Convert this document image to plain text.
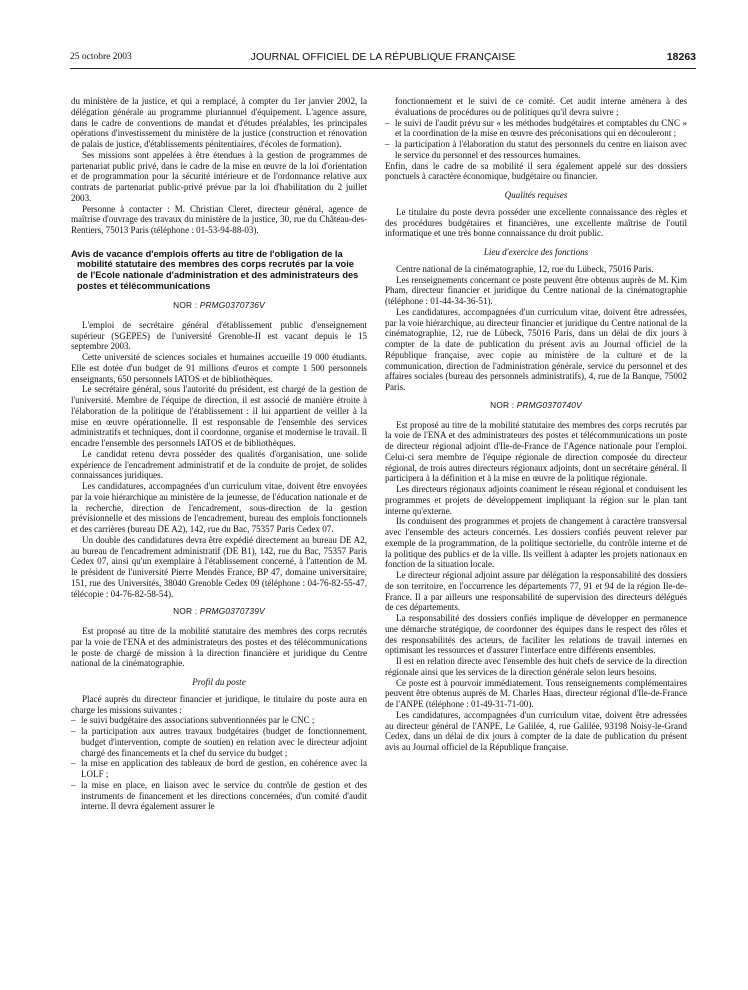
25 octobre 2003	JOURNAL OFFICIEL DE LA RÉPUBLIQUE FRANÇAISE	18263

du ministère de la justice, et qui a remplacé, à compter du 1er janvier 2002, la délégation générale au programme pluriannuel d'équipement. L'agence assure, dans le cadre de conventions de mandat et d'études préalables, les principales opérations d'investissement du ministère de la justice (construction et rénovation de palais de justice, d'établissements pénitentiaires, d'écoles de formation).

Ses missions sont appelées à être étendues à la gestion de programmes de partenariat public privé, dans le cadre de la mise en œuvre de la loi d'orientation et de programmation pour la sécurité intérieure et de l'ordonnance relative aux contrats de partenariat public-privé prévue par la loi d'habilitation du 2 juillet 2003.

Personne à contacter : M. Christian Cleret, directeur général, agence de maîtrise d'ouvrage des travaux du ministère de la justice, 30, rue du Château-des-Rentiers, 75013 Paris (téléphone : 01-53-94-88-03).

Avis de vacance d'emplois offerts au titre de l'obligation de la mobilité statutaire des membres des corps recrutés par la voie de l'Ecole nationale d'administration et des administrateurs des postes et télécommunications
NOR : PRMG0370736V

L'emploi de secrétaire général d'établissement public d'enseignement supérieur (SGEPES) de l'université Grenoble-II est vacant depuis le 15 septembre 2003.

Cette université de sciences sociales et humaines accueille 19 000 étudiants. Elle est dotée d'un budget de 91 millions d'euros et compte 1 500 personnels enseignants, 650 personnels IATOS et de bibliothèques.

Le secrétaire général, sous l'autorité du président, est chargé de la gestion de l'université. Membre de l'équipe de direction, il est associé de manière étroite à l'élaboration de la politique de l'établissement : il lui appartient de veiller à la mise en œuvre opérationnelle. Il est responsable de l'ensemble des services administratifs et techniques, dont il coordonne, organise et modernise le travail. Il encadre l'ensemble des personnels IATOS et de bibliothèques.

Le candidat retenu devra posséder des qualités d'organisation, une solide expérience de l'encadrement administratif et de la conduite de projet, de solides connaissances juridiques.

Les candidatures, accompagnées d'un curriculum vitae, doivent être envoyées par la voie hiérarchique au ministère de la jeunesse, de l'éducation nationale et de la recherche, direction de l'encadrement, sous-direction de la gestion prévisionnelle et des missions de l'encadrement, bureau des emplois fonctionnels et des carrières (bureau DE A2), 142, rue du Bac, 75357 Paris Cedex 07.

Un double des candidatures devra être expédié directement au bureau DE A2, au bureau de l'encadrement administratif (DE B1), 142, rue du Bac, 75357 Paris Cedex 07, ainsi qu'un exemplaire à l'établissement concerné, à l'attention de M. le président de l'université Pierre Mendès France, BP 47, domaine universitaire, 151, rue des Universités, 38040 Grenoble Cedex 09 (téléphone : 04-76-82-55-47, télécopie : 04-76-82-58-54).

NOR : PRMG0370739V

Est proposé au titre de la mobilité statutaire des membres des corps recrutés par la voie de l'ENA et des administrateurs des postes et des télécommunications le poste de chargé de mission à la direction financière et juridique du Centre national de la cinématographie.

Profil du poste

Placé auprès du directeur financier et juridique, le titulaire du poste aura en charge les missions suivantes :

– le suivi budgétaire des associations subventionnées par le CNC ;
– la participation aux autres travaux budgétaires (budget de fonctionnement, budget d'intervention, compte de soutien) en relation avec le directeur adjoint chargé des financements et la chef du service du budget ;
– la mise en application des tableaux de bord de gestion, en cohérence avec la LOLF ;
– la mise en place, en liaison avec le service du contrôle de gestion et des instruments de financement et les directions concernées, d'un comité d'audit interne. Il devra également assurer le

fonctionnement et le suivi de ce comité. Cet audit interne amènera à des évaluations de procédures ou de politiques qu'il devra suivre ;

– le suivi de l'audit prévu sur « les méthodes budgétaires et comptables du CNC » et la coordination de la mise en œuvre des préconisations qui en découleront ;
– la participation à l'élaboration du statut des personnels du centre en liaison avec le service du personnel et des ressources humaines.

Enfin, dans le cadre de sa mobilité il sera également appelé sur des dossiers ponctuels à caractère économique, budgétaire ou financier.

Qualités requises

Le titulaire du poste devra posséder une excellente connaissance des règles et des procédures budgétaires et financières, une excellente maîtrise de l'outil informatique et une très bonne connaissance du droit public.

Lieu d'exercice des fonctions

Centre national de la cinématographie, 12, rue du Lübeck, 75016 Paris.

Les renseignements concernant ce poste peuvent être obtenus auprès de M. Kim Pham, directeur financier et juridique du Centre national de la cinématographie (téléphone : 01-44-34-36-51).

Les candidatures, accompagnées d'un curriculum vitae, doivent être adressées, par la voie hiérarchique, au directeur financier et juridique du Centre national de la cinématographie, 12, rue de Lübeck, 75016 Paris, dans un délai de dix jours à compter de la date de publication du présent avis au Journal officiel de la République française, avec copie au ministère de la culture et de la communication, direction de l'administration générale, service du personnel et des affaires sociales (bureau des personnels administratifs), 4, rue de la Banque, 75002 Paris.

NOR : PRMG0370740V

Est proposé au titre de la mobilité statutaire des membres des corps recrutés par la voie de l'ENA et des administrateurs des postes et télécommunications un poste de directeur régional adjoint d'Ile-de-France de l'Agence nationale pour l'emploi. Celui-ci sera membre de l'équipe régionale de direction composée du directeur régional, de trois autres directeurs régionaux adjoints, dont un secrétaire général. Il participera à la définition et à la mise en œuvre de la politique régionale.

Les directeurs régionaux adjoints coaniment le réseau régional et conduisent les programmes et projets de développement impliquant la région sur le plan tant interne qu'externe.

Ils conduisent des programmes et projets de changement à caractère transversal avec l'ensemble des acteurs concernés. Les dossiers confiés peuvent relever par exemple de la programmation, de la politique sectorielle, du contrôle interne et de la politique des publics et de la ville. Ils veillent à adapter les projets nationaux en fonction de la situation locale.

Le directeur régional adjoint assure par délégation la responsabilité des dossiers de son territoire, en l'occurrence les départements 77, 91 et 94 de la région Ile-de-France. Il a par ailleurs une responsabilité de supervision des directeurs délégués de ces départements.

La responsabilité des dossiers confiés implique de développer en permanence une démarche stratégique, de coordonner des équipes dans le respect des rôles et des responsabilités des acteurs, de faciliter les relations de travail internes en optimisant les ressources et d'assurer l'interface entre différents ensembles.

Il est en relation directe avec l'ensemble des huit chefs de service de la direction régionale ainsi que les services de la direction générale selon leurs besoins.

Ce poste est à pourvoir immédiatement. Tous renseignements complémentaires peuvent être obtenus auprès de M. Charles Haas, directeur régional d'Ile-de-France de l'ANPE (téléphone : 01-49-31-71-00).

Les candidatures, accompagnées d'un curriculum vitae, doivent être adressées au directeur général de l'ANPE, Le Galilée, 4, rue Galilée, 93198 Noisy-le-Grand Cedex, dans un délai de dix jours à compter de la date de publication du présent avis au Journal officiel de la République française.
